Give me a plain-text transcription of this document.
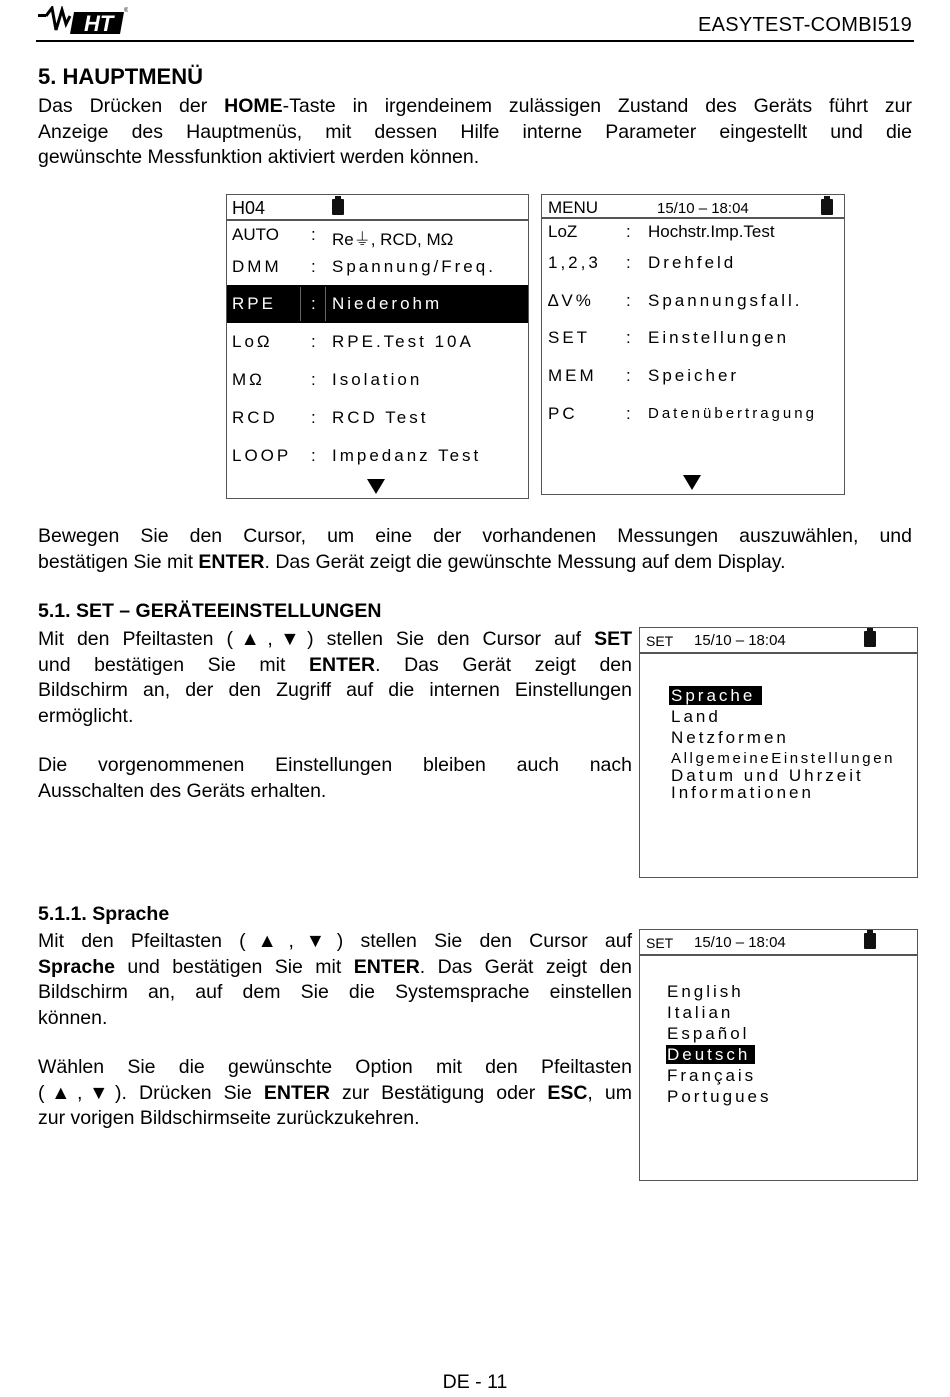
HT ®
EASYTEST-COMBI519
5. HAUPTMENÜ
Das Drücken der HOME-Taste in irgendeinem zulässigen Zustand des Geräts führt zur
Anzeige des Hauptmenüs, mit dessen Hilfe interne Parameter eingestellt und die
gewünschte Messfunktion aktiviert werden können.
H04
AUTO : Re⏚, RCD, MΩ
DMM : Spannung/Freq.
RPE : Niederohm
LoΩ : RPE.Test 10A
MΩ	: Isolation
RCD : RCD Test
LOOP : Impedanz Test
MENU	15/10 – 18:04
LoZ	: Hochstr.Imp.Test
1,2,3 : Drehfeld
∆V% : Spannungsfall.
SET : Einstellungen
MEM : Speicher
PC	: Datenübertragung
Bewegen Sie den Cursor, um eine der vorhandenen Messungen auszuwählen, und
bestätigen Sie mit ENTER. Das Gerät zeigt die gewünschte Messung auf dem Display.
5.1. SET – GERÄTEEINSTELLUNGEN
Mit den Pfeiltasten (▲,▼) stellen Sie den Cursor auf SET
und bestätigen Sie mit ENTER. Das Gerät zeigt den
Bildschirm an, der den Zugriff auf die internen Einstellungen
ermöglicht.
Die vorgenommenen Einstellungen bleiben auch nach
Ausschalten des Geräts erhalten.
SET 15/10 – 18:04
Sprache
Land
Netzformen
AllgemeineEinstellungen
Datum und Uhrzeit
Informationen
5.1.1. Sprache
Mit den Pfeiltasten (▲,▼) stellen Sie den Cursor auf
Sprache und bestätigen Sie mit ENTER. Das Gerät zeigt den
Bildschirm an, auf dem Sie die Systemsprache einstellen
können.
Wählen Sie die gewünschte Option mit den Pfeiltasten
(▲,▼). Drücken Sie ENTER zur Bestätigung oder ESC, um
zur vorigen Bildschirmseite zurückzukehren.
SET 15/10 – 18:04
English
Italian
Español
Deutsch
Français
Portugues
DE - 11
